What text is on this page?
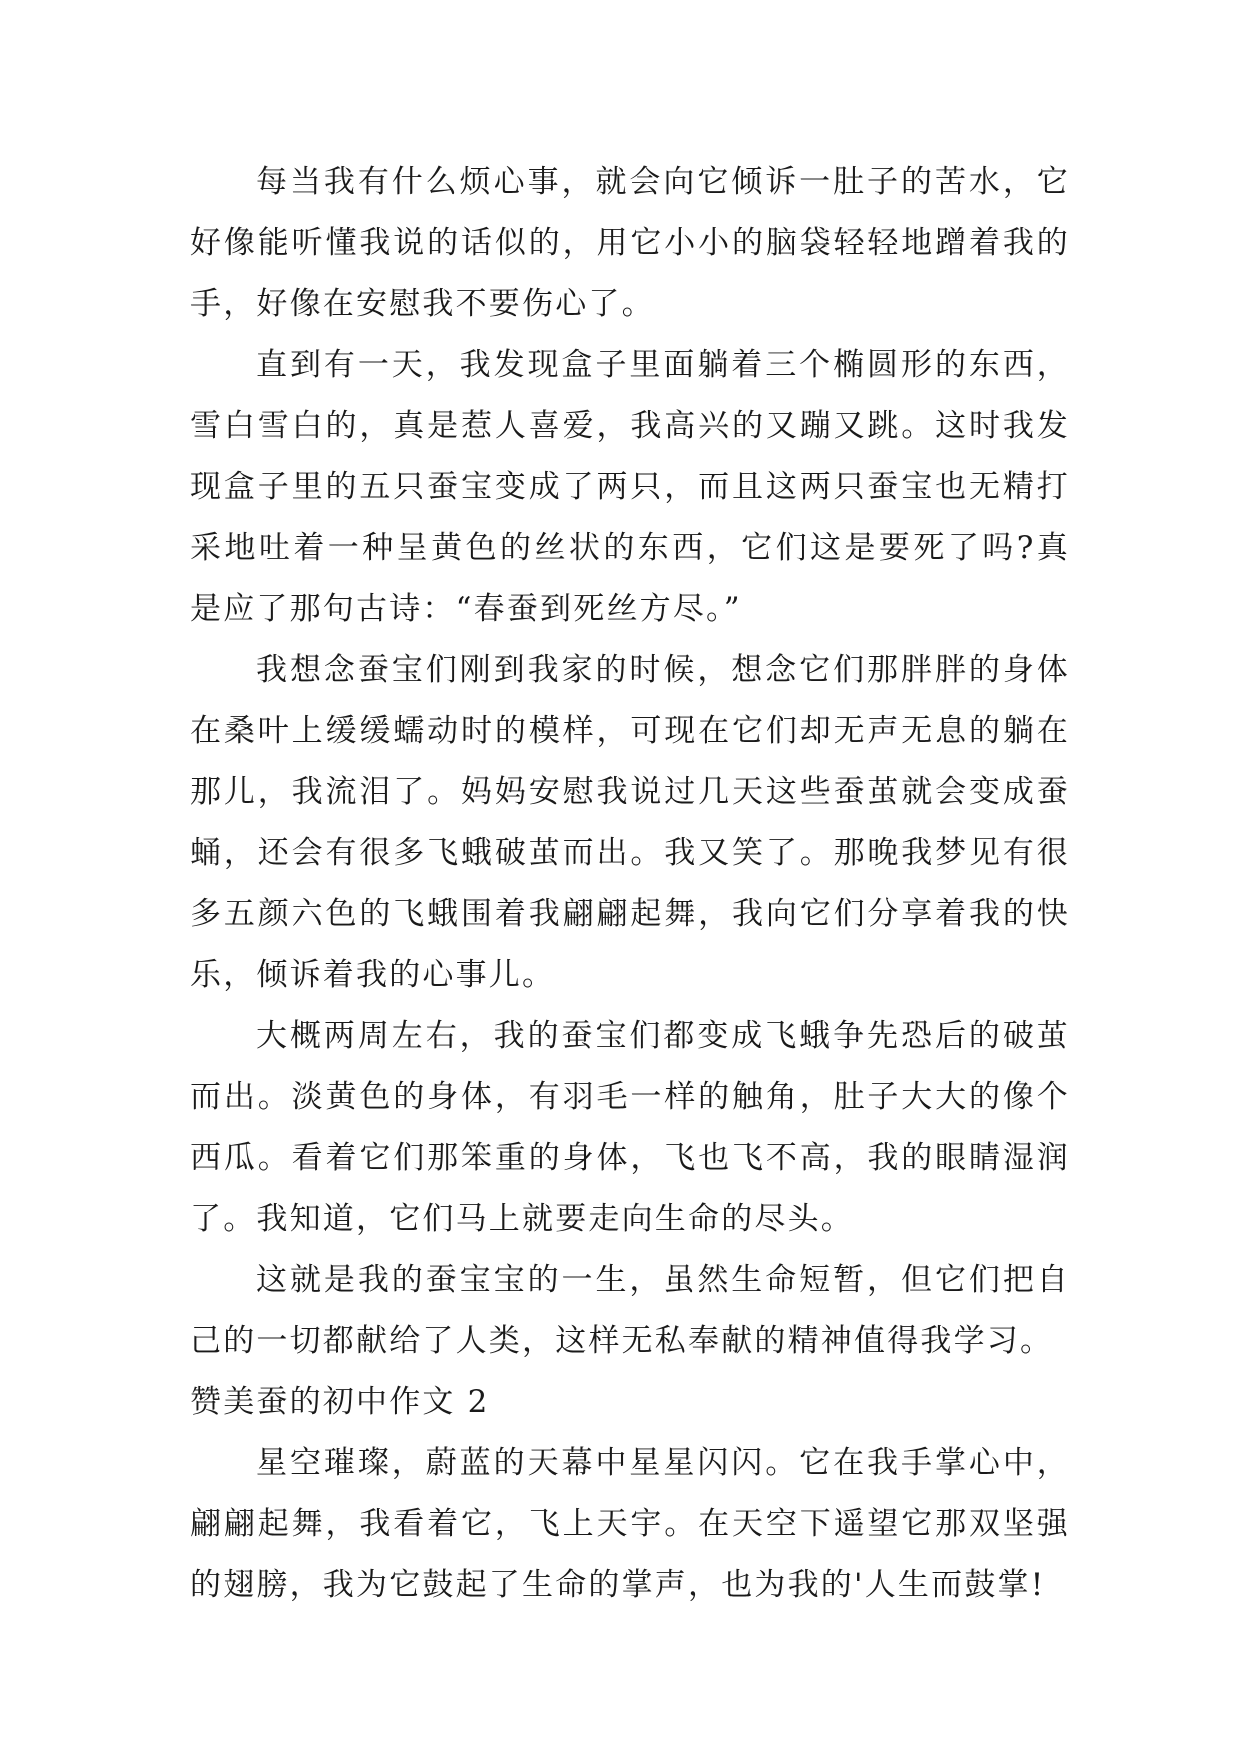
每当我有什么烦心事，就会向它倾诉一肚子的苦水，它好像能听懂我说的话似的，用它小小的脑袋轻轻地蹭着我的手，好像在安慰我不要伤心了。

直到有一天，我发现盒子里面躺着三个椭圆形的东西，雪白雪白的，真是惹人喜爱，我高兴的又蹦又跳。这时我发现盒子里的五只蚕宝变成了两只，而且这两只蚕宝也无精打采地吐着一种呈黄色的丝状的东西，它们这是要死了吗?真是应了那句古诗：“春蚕到死丝方尽。”

我想念蚕宝们刚到我家的时候，想念它们那胖胖的身体在桑叶上缓缓蠕动时的模样，可现在它们却无声无息的躺在那儿，我流泪了。妈妈安慰我说过几天这些蚕茧就会变成蚕蛹，还会有很多飞蛾破茧而出。我又笑了。那晚我梦见有很多五颜六色的飞蛾围着我翩翩起舞，我向它们分享着我的快乐，倾诉着我的心事儿。

大概两周左右，我的蚕宝们都变成飞蛾争先恐后的破茧而出。淡黄色的身体，有羽毛一样的触角，肚子大大的像个西瓜。看着它们那笨重的身体，飞也飞不高，我的眼睛湿润了。我知道，它们马上就要走向生命的尽头。

这就是我的蚕宝宝的一生，虽然生命短暂，但它们把自己的一切都献给了人类，这样无私奉献的精神值得我学习。

赞美蚕的初中作文 2

星空璀璨，蔚蓝的天幕中星星闪闪。它在我手掌心中，翩翩起舞，我看着它，飞上天宇。在天空下遥望它那双坚强的翅膀，我为它鼓起了生命的掌声，也为我的'人生而鼓掌!
